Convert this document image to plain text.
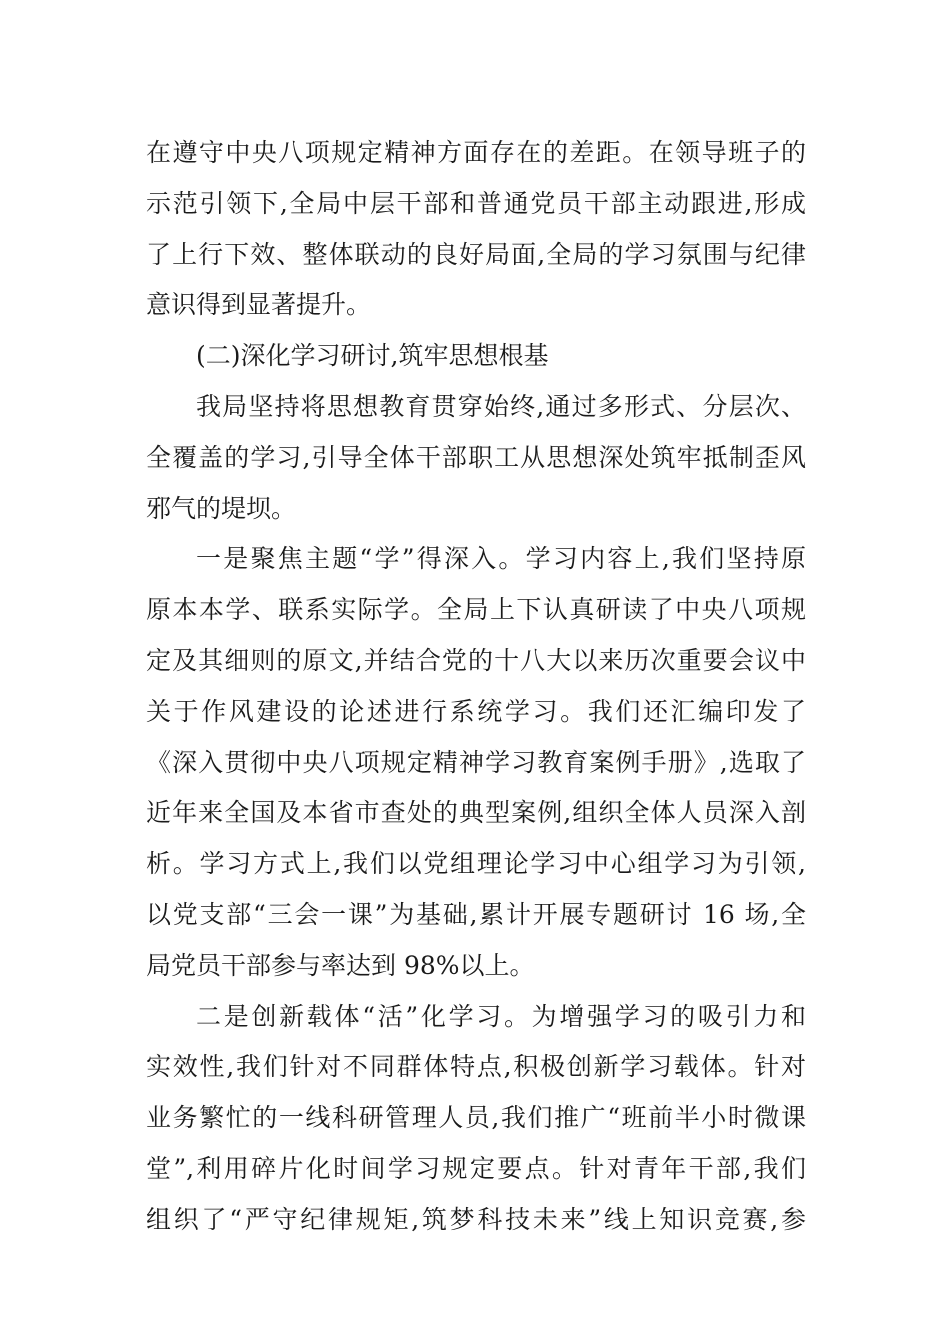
在遵守中央八项规定精神方面存在的差距。在领导班子的
示范引领下,全局中层干部和普通党员干部主动跟进,形成
了上行下效、整体联动的良好局面,全局的学习氛围与纪律
意识得到显著提升。
(二)深化学习研讨,筑牢思想根基
我局坚持将思想教育贯穿始终,通过多形式、分层次、
全覆盖的学习,引导全体干部职工从思想深处筑牢抵制歪风
邪气的堤坝。
一是聚焦主题“学”得深入。学习内容上,我们坚持原
原本本学、联系实际学。全局上下认真研读了中央八项规
定及其细则的原文,并结合党的十八大以来历次重要会议中
关于作风建设的论述进行系统学习。我们还汇编印发了
《深入贯彻中央八项规定精神学习教育案例手册》,选取了
近年来全国及本省市查处的典型案例,组织全体人员深入剖
析。学习方式上,我们以党组理论学习中心组学习为引领,
以党支部“三会一课”为基础,累计开展专题研讨 16 场,全
局党员干部参与率达到 98%以上。
二是创新载体“活”化学习。为增强学习的吸引力和
实效性,我们针对不同群体特点,积极创新学习载体。针对
业务繁忙的一线科研管理人员,我们推广“班前半小时微课
堂”,利用碎片化时间学习规定要点。针对青年干部,我们
组织了“严守纪律规矩,筑梦科技未来”线上知识竞赛,参
